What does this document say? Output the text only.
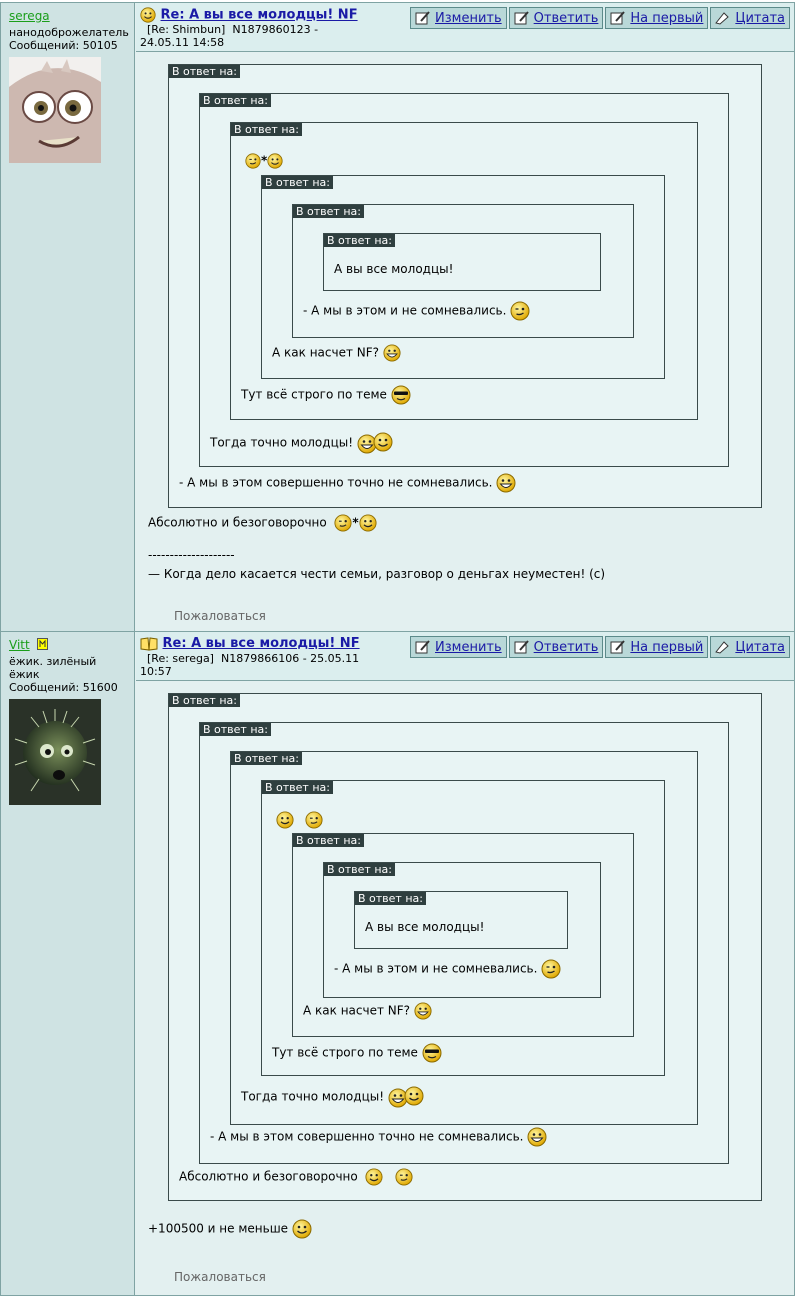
serega
нанодоброжелатель
Сообщений: 50105
Re: А вы все молодцы! NF
[Re: Shimbun] N1879860123 -
24.05.11 14:58
Изменить Ответить На первый Цитата
В ответ на:
В ответ на:
В ответ на:
*
В ответ на:
В ответ на:
В ответ на:
А вы все молодцы!
- А мы в этом и не сомневались.
А как насчет NF?
Тут всё строго по теме
Тогда точно молодцы!
- А мы в этом совершенно точно не сомневались.
Абсолютно и безоговорочно *
--------------------
— Когда дело касается чести семьи, разговор о деньгах неуместен! (c)
Пожаловаться
Vitt
ёжик. зилёный ёжик
Сообщений: 51600
Re: А вы все молодцы! NF
[Re: serega] N1879866106 - 25.05.11
10:57
Изменить Ответить На первый Цитата
В ответ на:
В ответ на:
В ответ на:
В ответ на:

В ответ на:
В ответ на:
В ответ на:
А вы все молодцы!
- А мы в этом и не сомневались.
А как насчет NF?
Тут всё строго по теме
Тогда точно молодцы!
- А мы в этом совершенно точно не сомневались.
Абсолютно и безоговорочно
+100500 и не меньше
Пожаловаться
